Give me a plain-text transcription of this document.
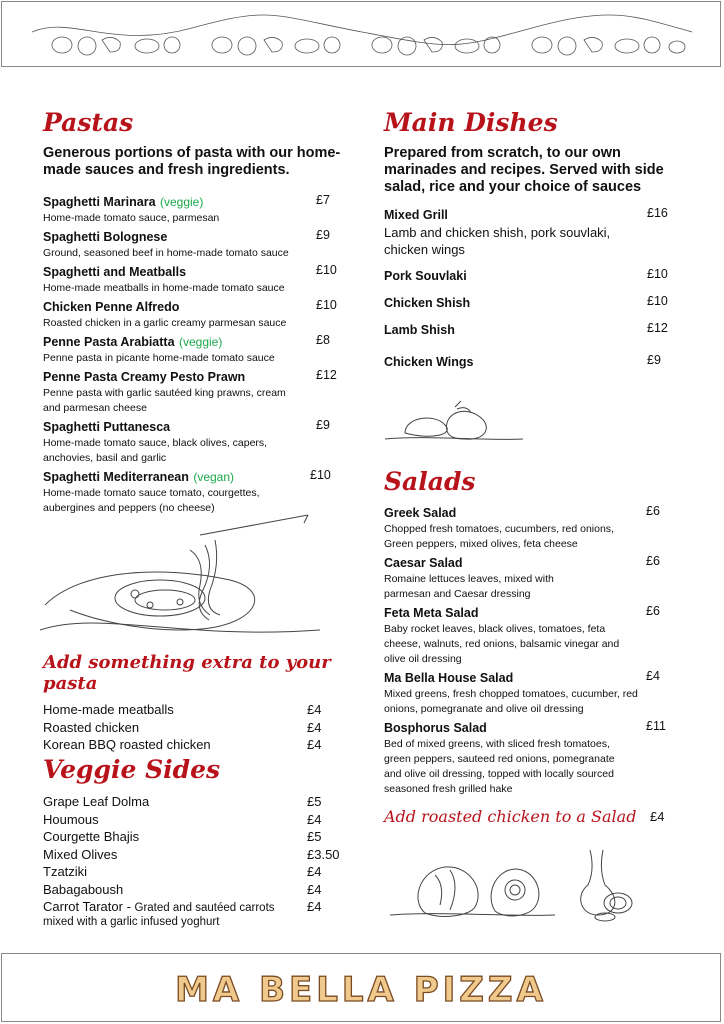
Pastas

Generous portions of pasta with our home-made sauces and fresh ingredients.

Spaghetti Marinara (veggie)	£7
Home-made tomato sauce, parmesan
Spaghetti Bolognese	£9
Ground, seasoned beef in home-made tomato sauce
Spaghetti and Meatballs	£10
Home-made meatballs in home-made tomato sauce
Chicken Penne Alfredo	£10
Roasted chicken in a garlic creamy parmesan sauce
Penne Pasta Arabiatta (veggie)	£8
Penne pasta in picante home-made tomato sauce
Penne Pasta Creamy Pesto Prawn	£12
Penne pasta with garlic sautéed king prawns, cream and parmesan cheese
Spaghetti Puttanesca	£9
Home-made tomato sauce, black olives, capers, anchovies, basil and garlic
Spaghetti Mediterranean (vegan)	£10
Home-made tomato sauce tomato, courgettes, aubergines and peppers (no cheese)
Add something extra to your pasta
Home-made meatballs	£4
Roasted chicken	£4
Korean BBQ roasted chicken	£4
Veggie Sides
Grape Leaf Dolma	£5
Houmous	£4
Courgette Bhajis	£5
Mixed Olives	£3.50
Tzatziki	£4
Babagaboush	£4
Carrot Tarator - Grated and sautéed carrots £4
mixed with a garlic infused yoghurt
Main Dishes

Prepared from scratch, to our own marinades and recipes. Served with side salad, rice and your choice of sauces

Mixed Grill	£16
Lamb and chicken shish, pork souvlaki, chicken wings
Pork Souvlaki	£10
Chicken Shish	£10
Lamb Shish	£12
Chicken Wings	£9
Salads
Greek Salad	£6
Chopped fresh tomatoes, cucumbers, red onions, Green peppers, mixed olives, feta cheese
Caesar Salad	£6
Romaine lettuces leaves, mixed with parmesan and Caesar dressing
Feta Meta Salad	£6
Baby rocket leaves, black olives, tomatoes, feta cheese, walnuts, red onions, balsamic vinegar and olive oil dressing
Ma Bella House Salad	£4
Mixed greens, fresh chopped tomatoes, cucumber, red onions, pomegranate and olive oil dressing
Bosphorus Salad	£11
Bed of mixed greens, with sliced fresh tomatoes, green peppers, sauteed red onions, pomegranate and olive oil dressing, topped with locally sourced seasoned fresh grilled hake
Add roasted chicken to a Salad £4
MA BELLA PIZZA
